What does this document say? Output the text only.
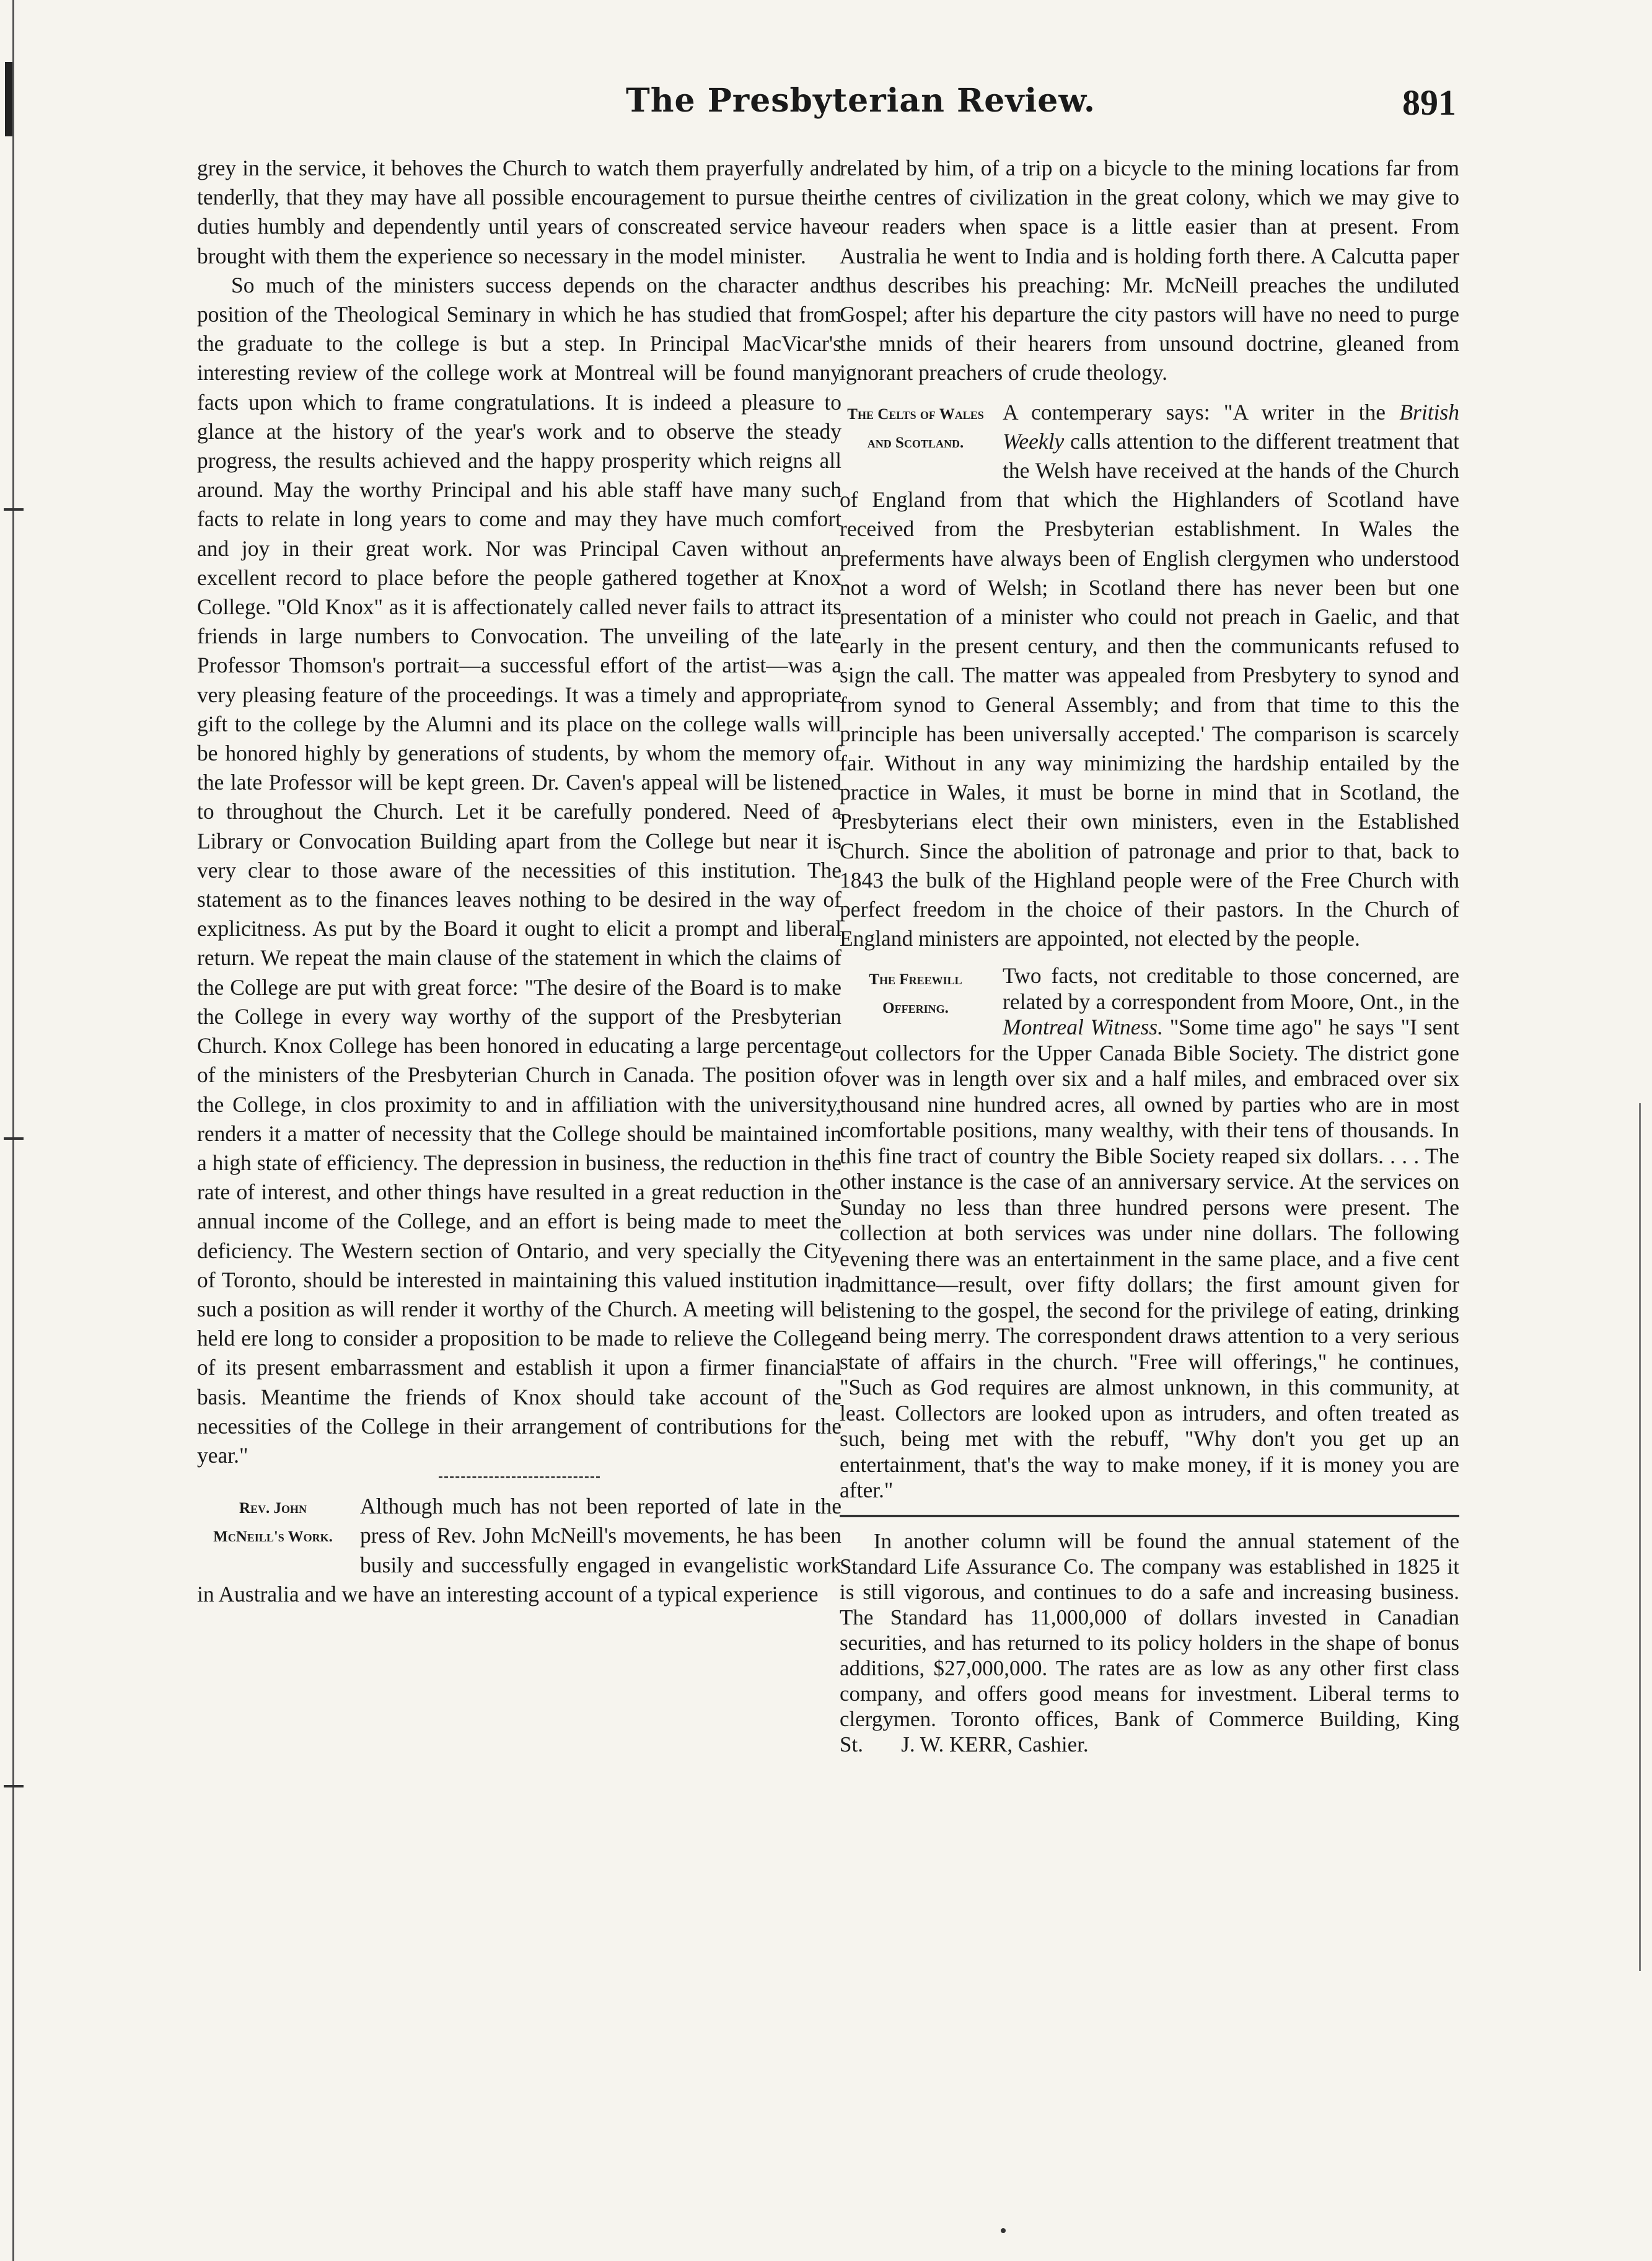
The Presbyterian Review.	891

grey in the service, it behoves the Church to watch them prayerfully and tenderlly, that they may have all possible encouragement to pursue their duties humbly and dependently until years of conscreated service have brought with them the experience so necessary in the model minister.

So much of the ministers success depends on the character and position of the Theological Seminary in which he has studied that from the graduate to the college is but a step. In Principal MacVicar's interesting review of the college work at Montreal will be found many facts upon which to frame congratulations. It is indeed a pleasure to glance at the history of the year's work and to observe the steady progress, the results achieved and the happy prosperity which reigns all around. May the worthy Principal and his able staff have many such facts to relate in long years to come and may they have much comfort and joy in their great work. Nor was Principal Caven without an excellent record to place before the people gathered together at Knox College. "Old Knox" as it is affectionately called never fails to attract its friends in large numbers to Convocation. The unveiling of the late Professor Thomson's portrait—a successful effort of the artist—was a very pleasing feature of the proceedings. It was a timely and appropriate gift to the college by the Alumni and its place on the college walls will be honored highly by generations of students, by whom the memory of the late Professor will be kept green. Dr. Caven's appeal will be listened to throughout the Church. Let it be carefully pondered. Need of a Library or Convocation Building apart from the College but near it is very clear to those aware of the necessities of this institution. The statement as to the finances leaves nothing to be desired in the way of explicitness. As put by the Board it ought to elicit a prompt and liberal return. We repeat the main clause of the statement in which the claims of the College are put with great force: "The desire of the Board is to make the College in every way worthy of the support of the Presbyterian Church. Knox College has been honored in educating a large percentage of the ministers of the Presbyterian Church in Canada. The position of the College, in clos proximity to and in affiliation with the university, renders it a matter of necessity that the College should be maintained in a high state of efficiency. The depression in business, the reduction in the rate of interest, and other things have resulted in a great reduction in the annual income of the College, and an effort is being made to meet the deficiency. The Western section of Ontario, and very specially the City of Toronto, should be interested in maintaining this valued institution in such a position as will render it worthy of the Church. A meeting will be held ere long to consider a proposition to be made to relieve the College of its present embarrassment and establish it upon a firmer financial basis. Meantime the friends of Knox should take account of the necessities of the College in their arrangement of contributions for the year."

Rev. John
McNeill's Work.

Although much has not been reported of late in the press of Rev. John McNeill's movements, he has been busily and successfully engaged in evangelistic work in Australia and we have an interesting account of a typical experience

related by him, of a trip on a bicycle to the mining locations far from the centres of civilization in the great colony, which we may give to our readers when space is a little easier than at present. From Australia he went to India and is holding forth there. A Calcutta paper thus describes his preaching: Mr. McNeill preaches the undiluted Gospel; after his departure the city pastors will have no need to purge the mnids of their hearers from unsound doctrine, gleaned from ignorant preachers of crude theology.

The Celts of Wales
and Scotland.

A contemperary says: "A writer in the British Weekly calls attention to the different treatment that the Welsh have received at the hands of the Church of England from that which the Highlanders of Scotland have received from the Presbyterian establishment. In Wales the preferments have always been of English clergymen who understood not a word of Welsh; in Scotland there has never been but one presentation of a minister who could not preach in Gaelic, and that early in the present century, and then the communicants refused to sign the call. The matter was appealed from Presbytery to synod and from synod to General Assembly; and from that time to this the principle has been universally accepted.' The comparison is scarcely fair. Without in any way minimizing the hardship entailed by the practice in Wales, it must be borne in mind that in Scotland, the Presbyterians elect their own ministers, even in the Established Church. Since the abolition of patronage and prior to that, back to 1843 the bulk of the Highland people were of the Free Church with perfect freedom in the choice of their pastors. In the Church of England ministers are appointed, not elected by the people.

The Freewill
Offering.

Two facts, not creditable to those concerned, are related by a correspondent from Moore, Ont., in the Montreal Witness. "Some time ago" he says "I sent out collectors for the Upper Canada Bible Society. The district gone over was in length over six and a half miles, and embraced over six thousand nine hundred acres, all owned by parties who are in most comfortable positions, many wealthy, with their tens of thousands. In this fine tract of country the Bible Society reaped six dollars. . . . The other instance is the case of an anniversary service. At the services on Sunday no less than three hundred persons were present. The collection at both services was under nine dollars. The following evening there was an entertainment in the same place, and a five cent admittance—result, over fifty dollars; the first amount given for listening to the gospel, the second for the privilege of eating, drinking and being merry. The correspondent draws attention to a very serious state of affairs in the church. "Free will offerings," he continues, "Such as God requires are almost unknown, in this community, at least. Collectors are looked upon as intruders, and often treated as such, being met with the rebuff, "Why don't you get up an entertainment, that's the way to make money, if it is money you are after."

In another column will be found the annual statement of the Standard Life Assurance Co. The company was established in 1825 it is still vigorous, and continues to do a safe and increasing business. The Standard has 11,000,000 of dollars invested in Canadian securities, and has returned to its policy holders in the shape of bonus additions, $27,000,000. The rates are as low as any other first class company, and offers good means for investment. Liberal terms to clergymen. Toronto offices, Bank of Commerce Building, King St. J. W. KERR, Cashier.
